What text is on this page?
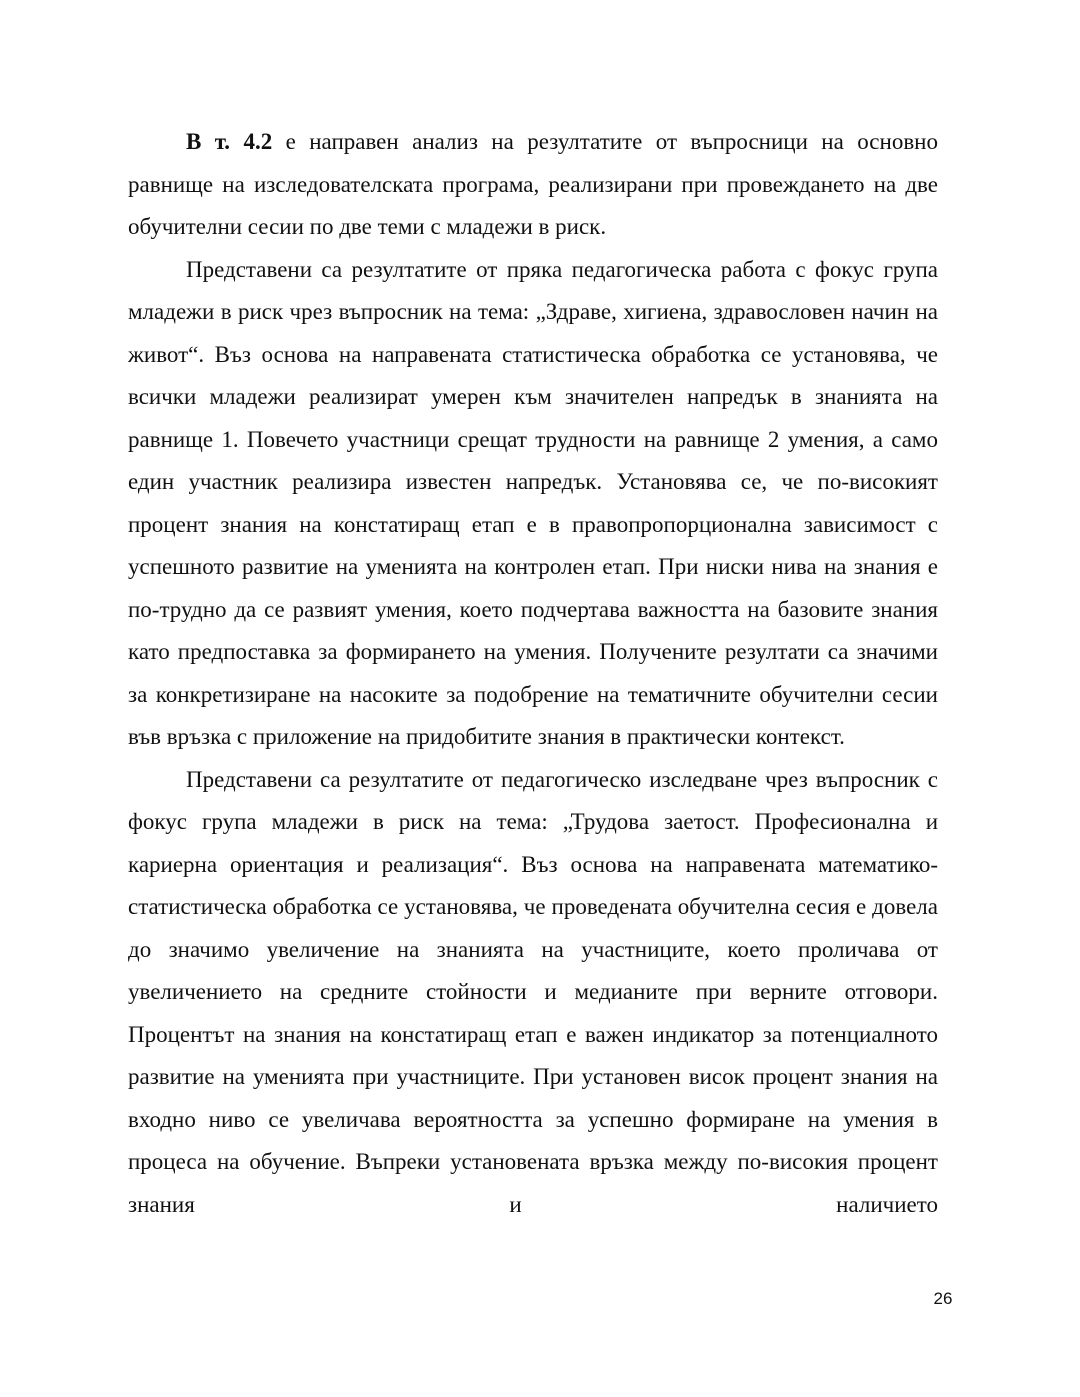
В т. 4.2 е направен анализ на резултатите от въпросници на основно равнище на изследователската програма, реализирани при провеждането на две обучителни сесии по две теми с младежи в риск.

Представени са резултатите от пряка педагогическа работа с фокус група младежи в риск чрез въпросник на тема: „Здраве, хигиена, здравословен начин на живот“. Въз основа на направената статистическа обработка се установява, че всички младежи реализират умерен към значителен напредък в знанията на равнище 1. Повечето участници срещат трудности на равнище 2 умения, а само един участник реализира известен напредък. Установява се, че по-високият процент знания на констатиращ етап е в правопропорционална зависимост с успешното развитие на уменията на контролен етап. При ниски нива на знания е по-трудно да се развият умения, което подчертава важността на базовите знания като предпоставка за формирането на умения. Получените резултати са значими за конкретизиране на насоките за подобрение на тематичните обучителни сесии във връзка с приложение на придобитите знания в практически контекст.

Представени са резултатите от педагогическо изследване чрез въпросник с фокус група младежи в риск на тема: „Трудова заетост. Професионална и кариерна ориентация и реализация“. Въз основа на направената математико-статистическа обработка се установява, че проведената обучителна сесия е довела до значимо увеличение на знанията на участниците, което проличава от увеличението на средните стойности и медианите при верните отговори. Процентът на знания на констатиращ етап е важен индикатор за потенциалното развитие на уменията при участниците. При установен висок процент знания на входно ниво се увеличава вероятността за успешно формиране на умения в процеса на обучение. Въпреки установената връзка между по-високия процент знания и наличието

26
